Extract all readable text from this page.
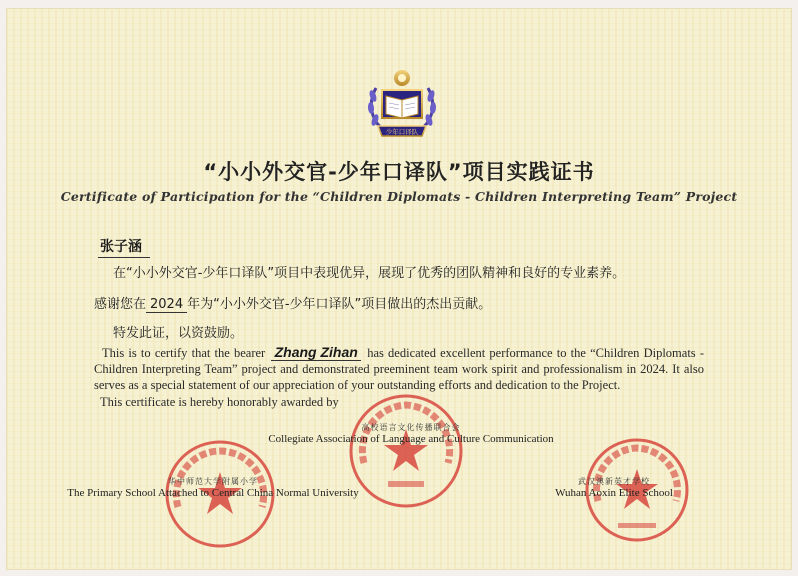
少年口译队
“小小外交官-少年口译队”项目实践证书
Certificate of Participation for the “Children Diplomats - Children Interpreting Team” Project
张子涵
在“小小外交官-少年口译队”项目中表现优异，展现了优秀的团队精神和良好的专业素养。
感谢您在 2024 年为“小小外交官-少年口译队”项目做出的杰出贡献。
特发此证，以资鼓励。
This is to certify that the bearer Zhang Zihan has dedicated excellent performance to the “Children Diplomats - Children Interpreting Team” project and demonstrated preeminent team work spirit and professionalism in 2024. It also serves as a special statement of our appreciation of your outstanding efforts and dedication to the Project.
This certificate is hereby honorably awarded by
高校语言文化传播联合会
Collegiate Association of Language and Culture Communication
华中师范大学附属小学
The Primary School Attached to Central China Normal University
武汉澳新英才学校
Wuhan Aoxin Elite School
